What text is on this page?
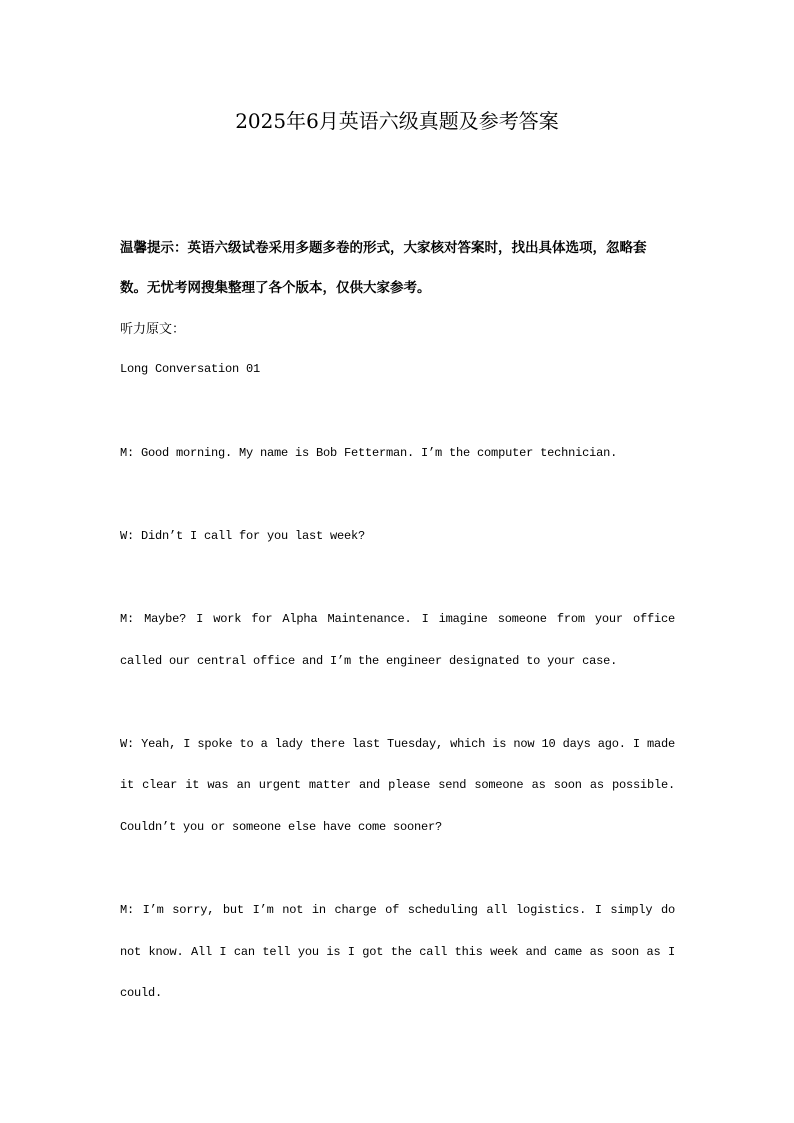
2025年6月英语六级真题及参考答案
温馨提示：英语六级试卷采用多题多卷的形式，大家核对答案时，找出具体选项，忽略套
数。无忧考网搜集整理了各个版本，仅供大家参考。
听力原文：
Long Conversation 01
M: Good morning. My name is Bob Fetterman. I’m the computer technician.
W: Didn’t I call for you last week?
M: Maybe? I work for Alpha Maintenance. I imagine someone from your office
called our central office and I’m the engineer designated to your case.
W: Yeah, I spoke to a lady there last Tuesday, which is now 10 days ago. I made
it clear it was an urgent matter and please send someone as soon as possible.
Couldn’t you or someone else have come sooner?
M: I’m sorry, but I’m not in charge of scheduling all logistics. I simply do
not know. All I can tell you is I got the call this week and came as soon as I
could.
